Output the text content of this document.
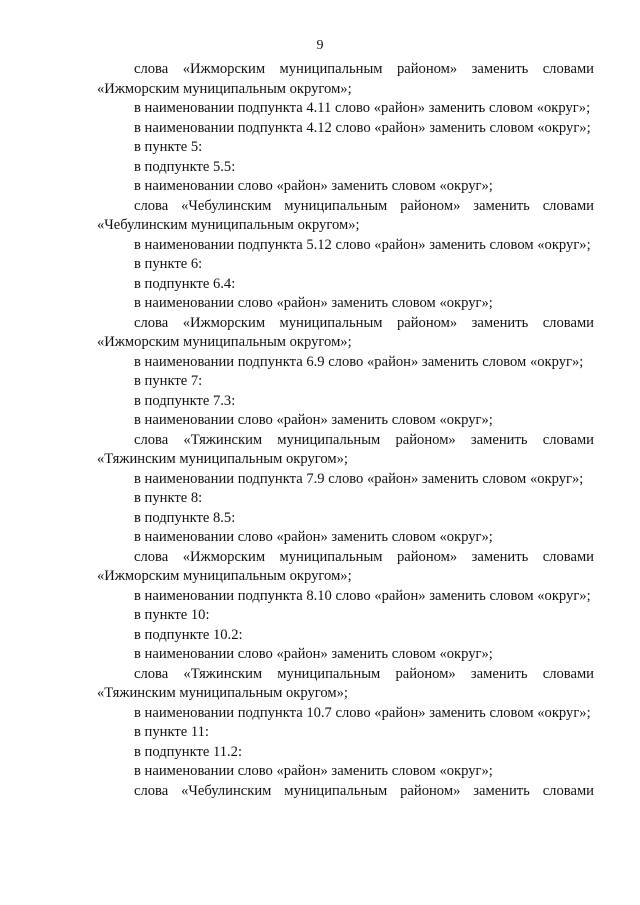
9

слова «Ижморским муниципальным районом» заменить словами «Ижморским муниципальным округом»;

в наименовании подпункта 4.11 слово «район» заменить словом «округ»;

в наименовании подпункта 4.12 слово «район» заменить словом «округ»;

в пункте 5:

в подпункте 5.5:

в наименовании слово «район» заменить словом «округ»;

слова «Чебулинским муниципальным районом» заменить словами «Чебулинским муниципальным округом»;

в наименовании подпункта 5.12 слово «район» заменить словом «округ»;

в пункте 6:

в подпункте 6.4:

в наименовании слово «район» заменить словом «округ»;

слова «Ижморским муниципальным районом» заменить словами «Ижморским муниципальным округом»;

в наименовании подпункта 6.9 слово «район» заменить словом «округ»;

в пункте 7:

в подпункте 7.3:

в наименовании слово «район» заменить словом «округ»;

слова «Тяжинским муниципальным районом» заменить словами «Тяжинским муниципальным округом»;

в наименовании подпункта 7.9 слово «район» заменить словом «округ»;

в пункте 8:

в подпункте 8.5:

в наименовании слово «район» заменить словом «округ»;

слова «Ижморским муниципальным районом» заменить словами «Ижморским муниципальным округом»;

в наименовании подпункта 8.10 слово «район» заменить словом «округ»;

в пункте 10:

в подпункте 10.2:

в наименовании слово «район» заменить словом «округ»;

слова «Тяжинским муниципальным районом» заменить словами «Тяжинским муниципальным округом»;

в наименовании подпункта 10.7 слово «район» заменить словом «округ»;

в пункте 11:

в подпункте 11.2:

в наименовании слово «район» заменить словом «округ»;

слова «Чебулинским муниципальным районом» заменить словами
